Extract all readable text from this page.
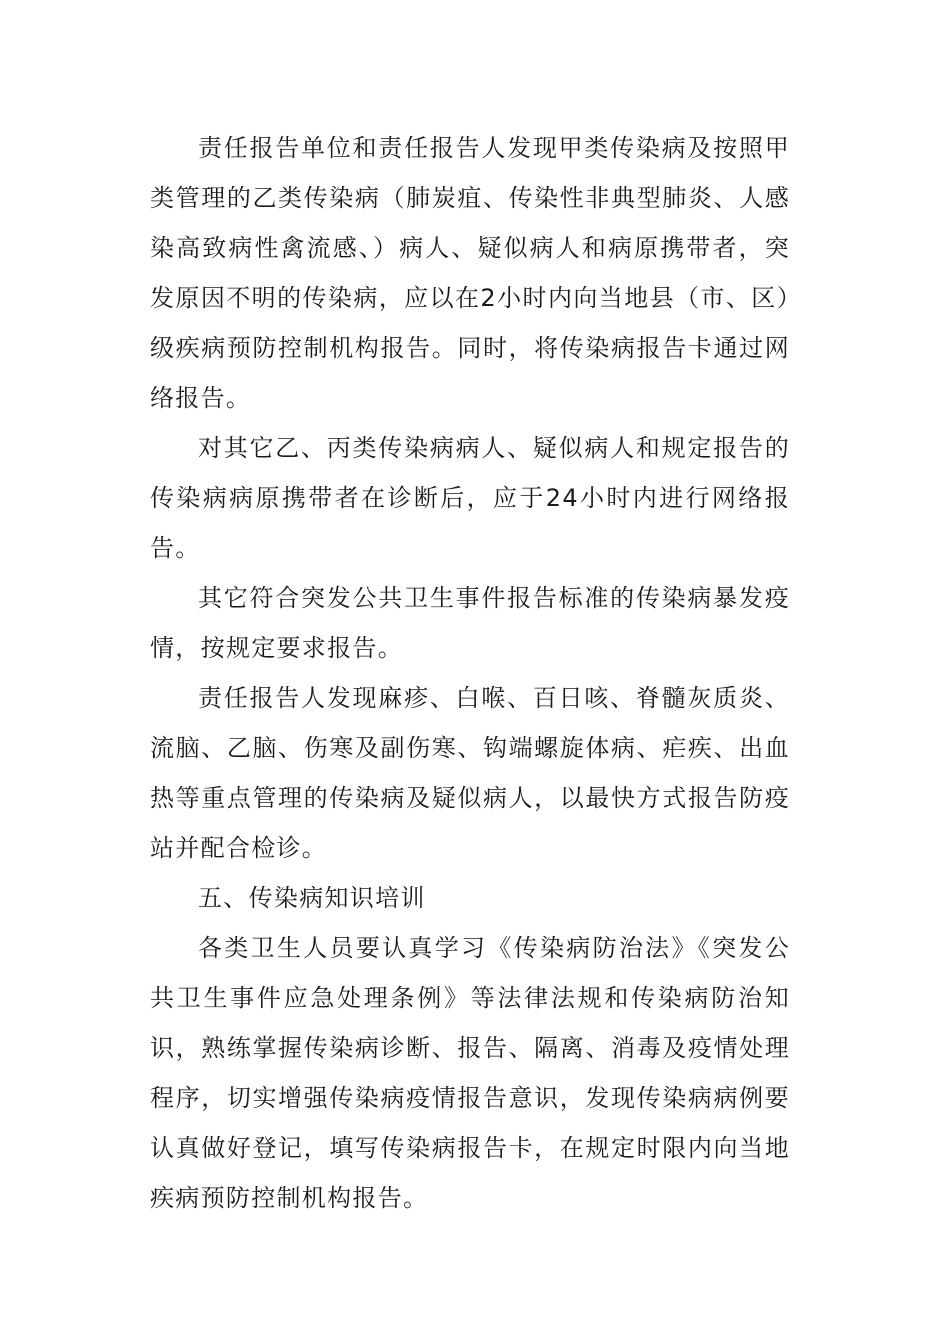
责任报告单位和责任报告人发现甲类传染病及按照甲类管理的乙类传染病（肺炭疽、传染性非典型肺炎、人感染高致病性禽流感、）病人、疑似病人和病原携带者，突发原因不明的传染病，应以在2小时内向当地县（市、区）级疾病预防控制机构报告。同时，将传染病报告卡通过网络报告。

对其它乙、丙类传染病病人、疑似病人和规定报告的传染病病原携带者在诊断后，应于24小时内进行网络报告。

其它符合突发公共卫生事件报告标准的传染病暴发疫情，按规定要求报告。

责任报告人发现麻疹、白喉、百日咳、脊髓灰质炎、流脑、乙脑、伤寒及副伤寒、钩端螺旋体病、疟疾、出血热等重点管理的传染病及疑似病人，以最快方式报告防疫站并配合检诊。

五、传染病知识培训

各类卫生人员要认真学习《传染病防治法》《突发公共卫生事件应急处理条例》等法律法规和传染病防治知识，熟练掌握传染病诊断、报告、隔离、消毒及疫情处理程序，切实增强传染病疫情报告意识，发现传染病病例要认真做好登记，填写传染病报告卡，在规定时限内向当地疾病预防控制机构报告。
